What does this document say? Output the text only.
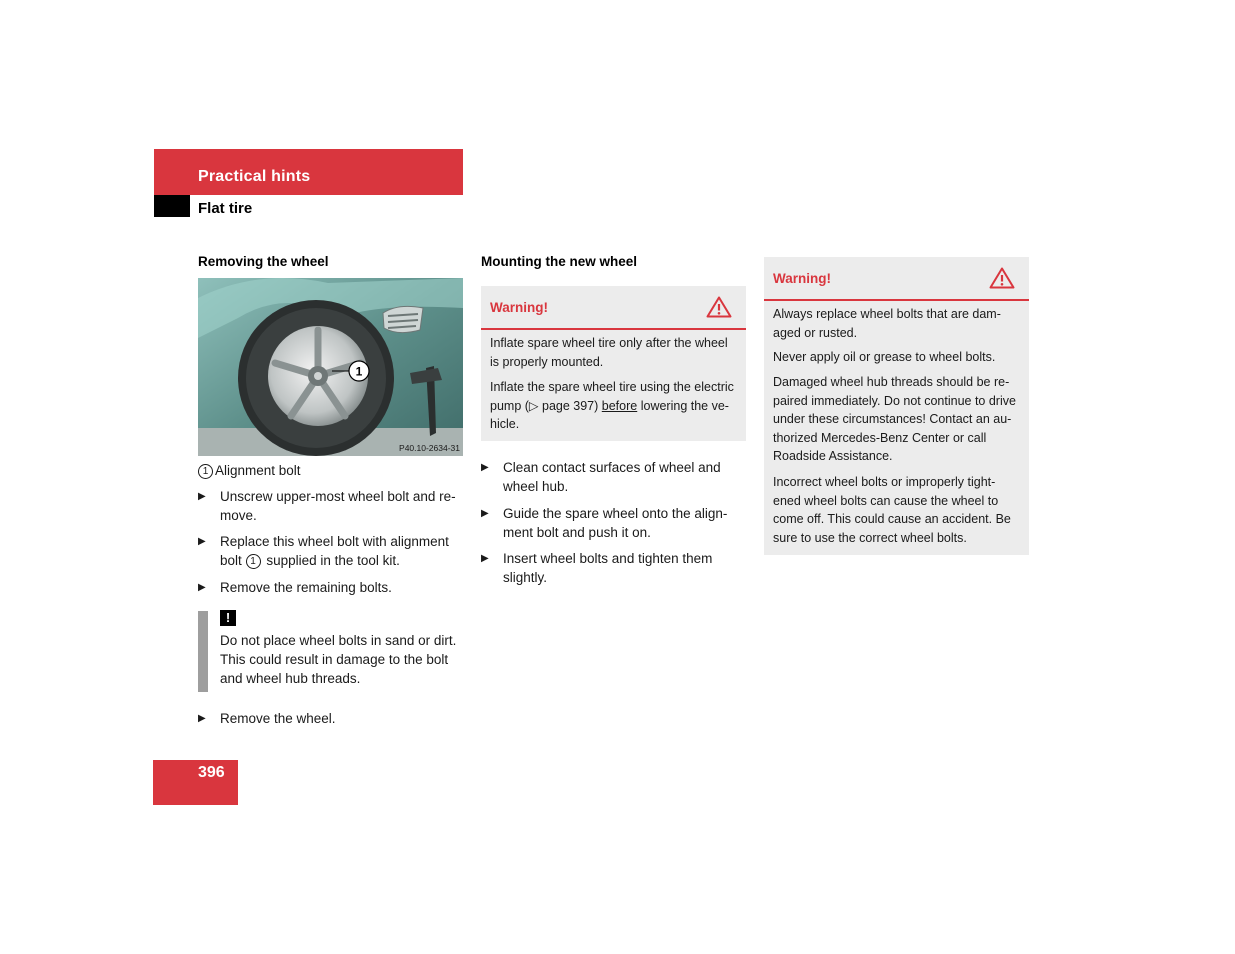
Practical hints
Flat tire
Removing the wheel
1
P40.10-2634-31
1 Alignment bolt
▶ Unscrew upper-most wheel bolt and re-
move.
▶ Replace this wheel bolt with alignment
bolt 1 supplied in the tool kit.
▶ Remove the remaining bolts.
!
Do not place wheel bolts in sand or dirt.
This could result in damage to the bolt
and wheel hub threads.
▶ Remove the wheel.
Mounting the new wheel
Warning!
Inflate spare wheel tire only after the wheel
is properly mounted.
Inflate the spare wheel tire using the electric
pump (▷ page 397) before lowering the ve-
hicle.
▶ Clean contact surfaces of wheel and
wheel hub.
▶ Guide the spare wheel onto the align-
ment bolt and push it on.
▶ Insert wheel bolts and tighten them
slightly.
Warning!
Always replace wheel bolts that are dam-
aged or rusted.
Never apply oil or grease to wheel bolts.
Damaged wheel hub threads should be re-
paired immediately. Do not continue to drive
under these circumstances! Contact an au-
thorized Mercedes-Benz Center or call
Roadside Assistance.
Incorrect wheel bolts or improperly tight-
ened wheel bolts can cause the wheel to
come off. This could cause an accident. Be
sure to use the correct wheel bolts.
396
